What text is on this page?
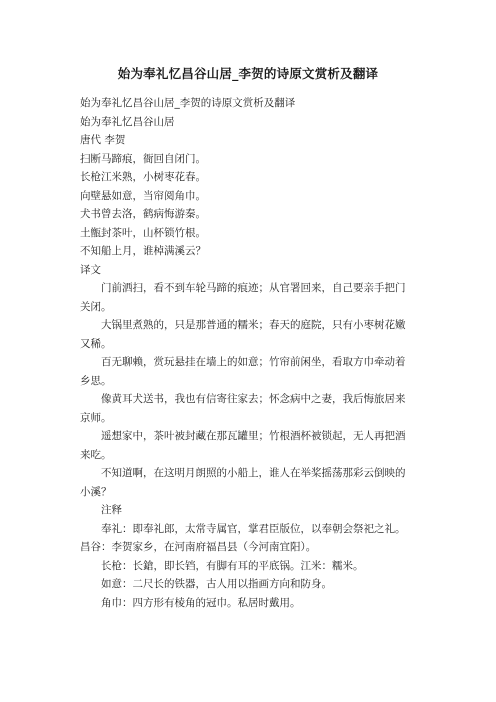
始为奉礼忆昌谷山居_李贺的诗原文赏析及翻译
始为奉礼忆昌谷山居_李贺的诗原文赏析及翻译
始为奉礼忆昌谷山居
唐代 李贺
扫断马蹄痕，衙回自闭门。
长枪江米熟，小树枣花春。
向壁悬如意，当帘阅角巾。
犬书曾去洛，鹤病悔游秦。
土甑封茶叶，山杯锁竹根。
不知船上月，谁棹满溪云？
译文
门前洒扫，看不到车轮马蹄的痕迹；从官署回来，自己要亲手把门关闭。
大锅里煮熟的，只是那普通的糯米；春天的庭院，只有小枣树花嫩又稀。
百无聊赖，赏玩悬挂在墙上的如意；竹帘前闲坐，看取方巾牵动着乡思。
像黄耳犬送书，我也有信寄往家去；怀念病中之妻，我后悔旅居来京师。
遥想家中，茶叶被封藏在那瓦罐里；竹根酒杯被锁起，无人再把酒来吃。
不知道啊，在这明月朗照的小船上，谁人在举桨摇荡那彩云倒映的小溪？
注释
奉礼：即奉礼郎，太常寺属官，掌君臣版位，以奉朝会祭祀之礼。昌谷：李贺家乡，在河南府福昌县（今河南宜阳）。
长枪：长鎗，即长铛，有脚有耳的平底锅。江米：糯米。
如意：二尺长的铁器，古人用以指画方向和防身。
角巾：四方形有棱角的冠巾。私居时戴用。
